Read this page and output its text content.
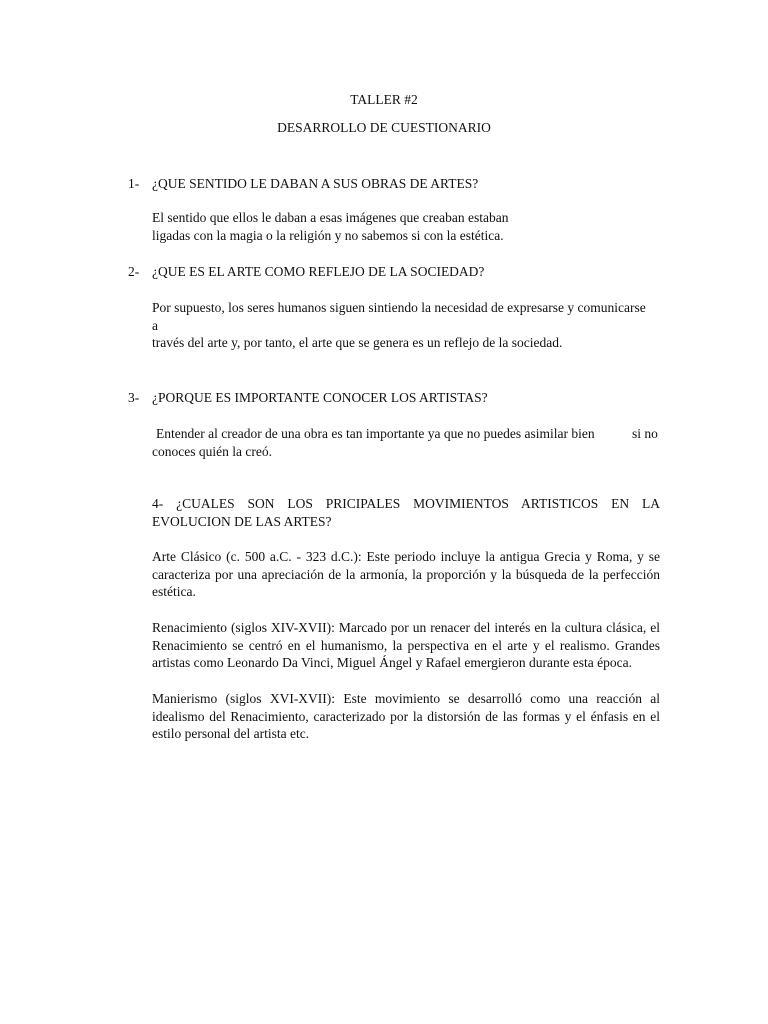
TALLER #2
DESARROLLO DE CUESTIONARIO
1- ¿QUE SENTIDO LE DABAN A SUS OBRAS DE ARTES?
El sentido que ellos le daban a esas imágenes que creaban estaban
ligadas con la magia o la religión y no sabemos si con la estética.
2- ¿QUE ES EL ARTE COMO REFLEJO DE LA SOCIEDAD?
Por supuesto, los seres humanos siguen sintiendo la necesidad de expresarse y comunicarse
a
través del arte y, por tanto, el arte que se genera es un reflejo de la sociedad.
3- ¿PORQUE ES IMPORTANTE CONOCER LOS ARTISTAS?
Entender al creador de una obra es tan importante ya que no puedes asimilar bien	si no
conoces quién la creó.
4- ¿CUALES SON LOS PRICIPALES MOVIMIENTOS ARTISTICOS EN LA
EVOLUCION DE LAS ARTES?
Arte Clásico (c. 500 a.C. - 323 d.C.): Este periodo incluye la antigua Grecia y Roma, y se caracteriza por una apreciación de la armonía, la proporción y la búsqueda de la perfección estética.
Renacimiento (siglos XIV-XVII): Marcado por un renacer del interés en la cultura clásica, el Renacimiento se centró en el humanismo, la perspectiva en el arte y el realismo. Grandes artistas como Leonardo Da Vinci, Miguel Ángel y Rafael emergieron durante esta época.
Manierismo (siglos XVI-XVII): Este movimiento se desarrolló como una reacción al idealismo del Renacimiento, caracterizado por la distorsión de las formas y el énfasis en el estilo personal del artista etc.
